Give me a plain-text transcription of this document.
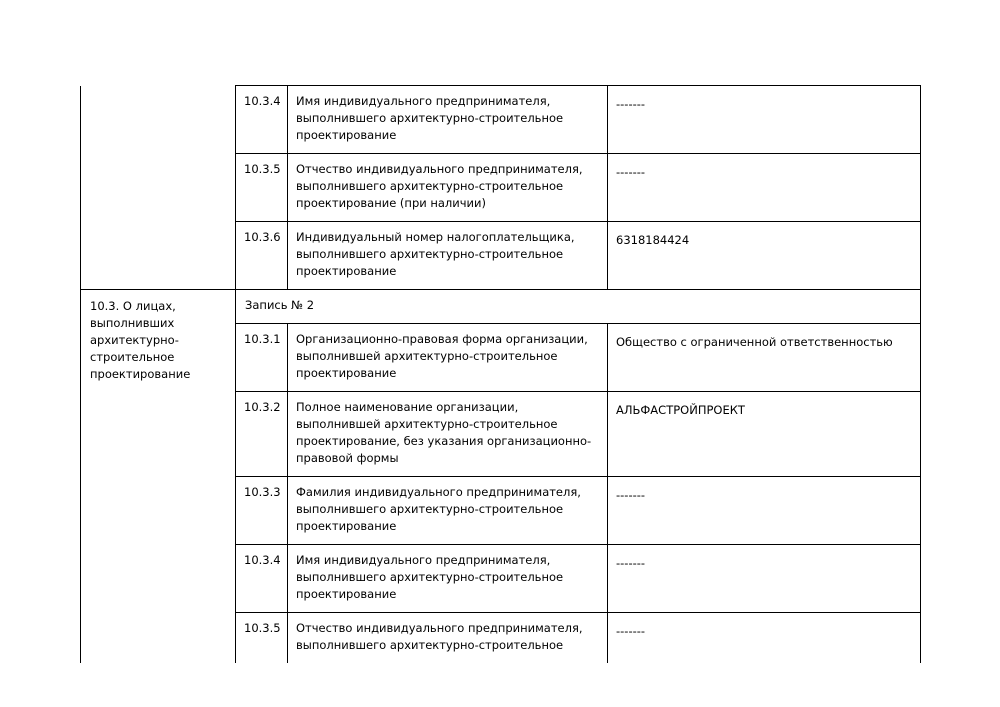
	10.3.4	Имя индивидуального предпринимателя, выполнившего архитектурно-строительное проектирование	-------
	10.3.5	Отчество индивидуального предпринимателя, выполнившего архитектурно-строительное проектирование (при наличии)	-------
	10.3.6	Индивидуальный номер налогоплательщика, выполнившего архитектурно-строительное проектирование	6318184424
10.3. О лицах, выполнивших архитектурно-строительное проектирование	Запись № 2		
	10.3.1	Организационно-правовая форма организации, выполнившей архитектурно-строительное проектирование	Общество с ограниченной ответственностью
	10.3.2	Полное наименование организации, выполнившей архитектурно-строительное проектирование, без указания организационно-правовой формы	АЛЬФАСТРОЙПРОЕКТ
	10.3.3	Фамилия индивидуального предпринимателя, выполнившего архитектурно-строительное проектирование	-------
	10.3.4	Имя индивидуального предпринимателя, выполнившего архитектурно-строительное проектирование	-------
	10.3.5	Отчество индивидуального предпринимателя, выполнившего архитектурно-строительное	-------
